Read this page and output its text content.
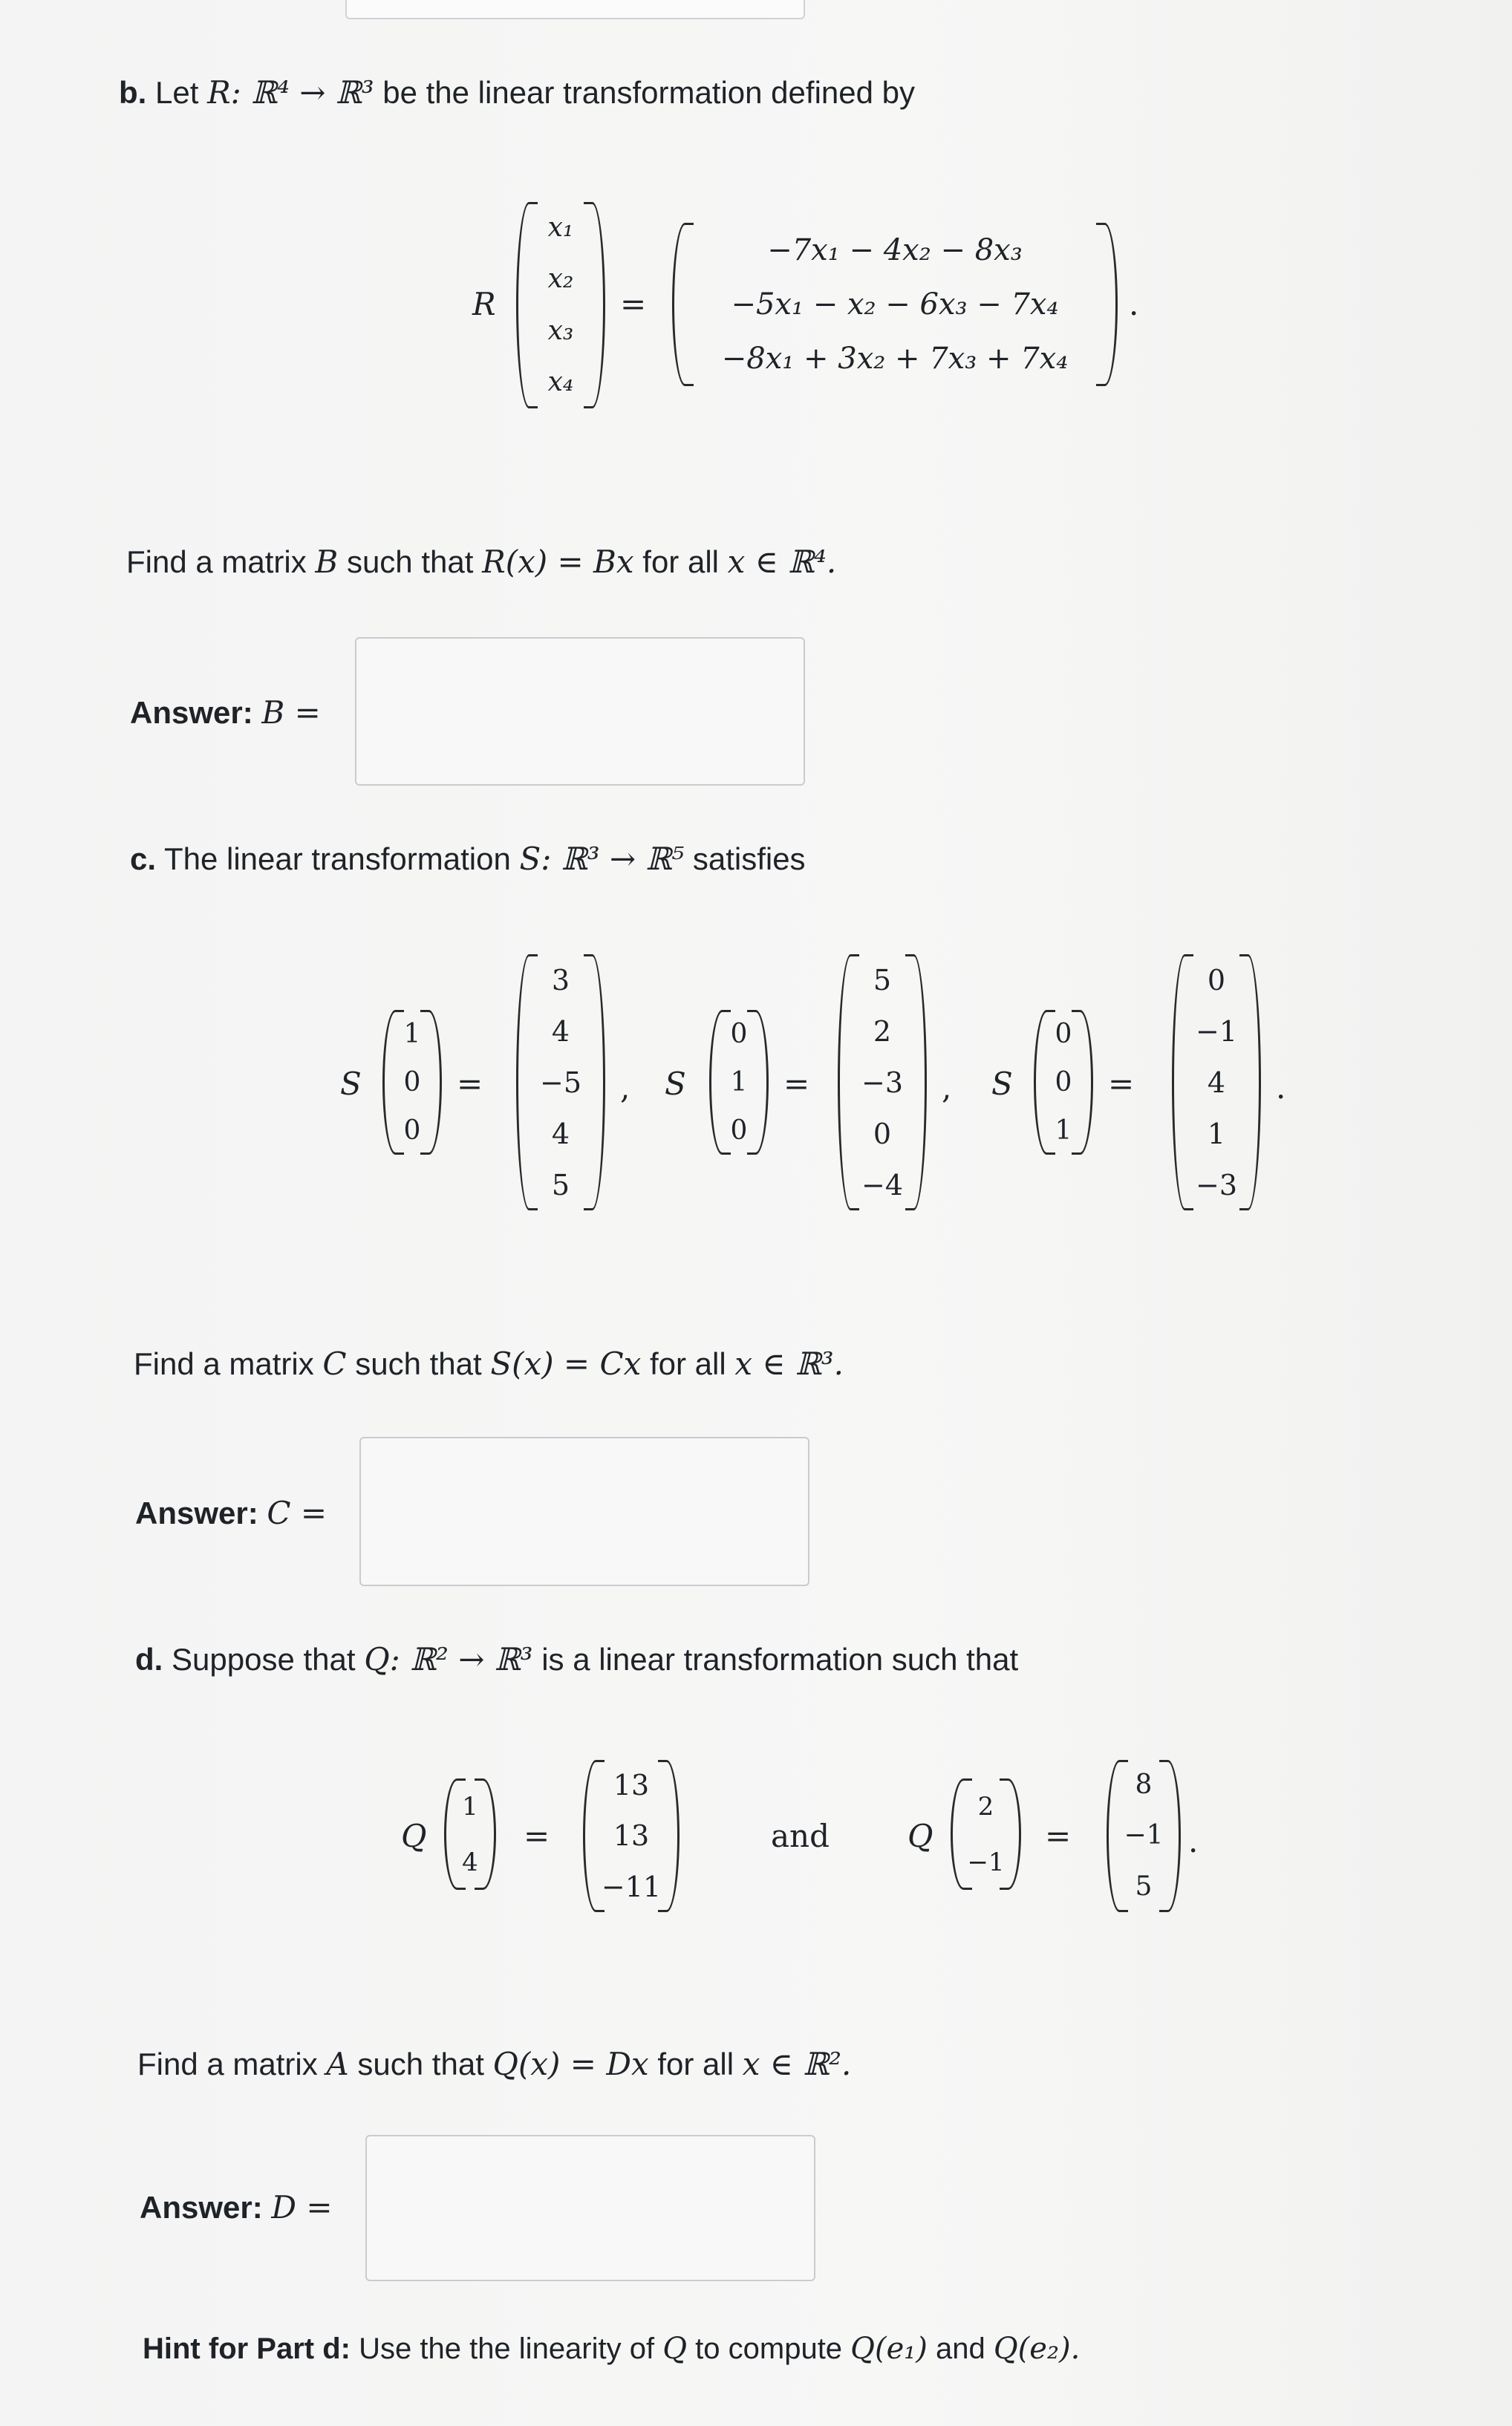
b. Let R: ℝ⁴ → ℝ³ be the linear transformation defined by
R
x₁
x₂
x₃
x₄
=
−7x₁ − 4x₂ − 8x₃
−5x₁ − x₂ − 6x₃ − 7x₄
−8x₁ + 3x₂ + 7x₃ + 7x₄
.
Find a matrix B such that R(x) = Bx for all x ∈ ℝ⁴.
Answer: B =
c. The linear transformation S: ℝ³ → ℝ⁵ satisfies
S
1
0
0
=
3
4
−5
4
5
, S
0
1
0
=
5
2
−3
0
−4
, S
0
0
1
=
0
−1
4
1
−3
.
Find a matrix C such that S(x) = Cx for all x ∈ ℝ³.
Answer: C =
d. Suppose that Q: ℝ² → ℝ³ is a linear transformation such that
Q
1
4
=
13
13
−11
and	Q
2
−1
=
8
−1
5
.
Find a matrix A such that Q(x) = Dx for all x ∈ ℝ².
Answer: D =
Hint for Part d: Use the the linearity of Q to compute Q(e₁) and Q(e₂).
